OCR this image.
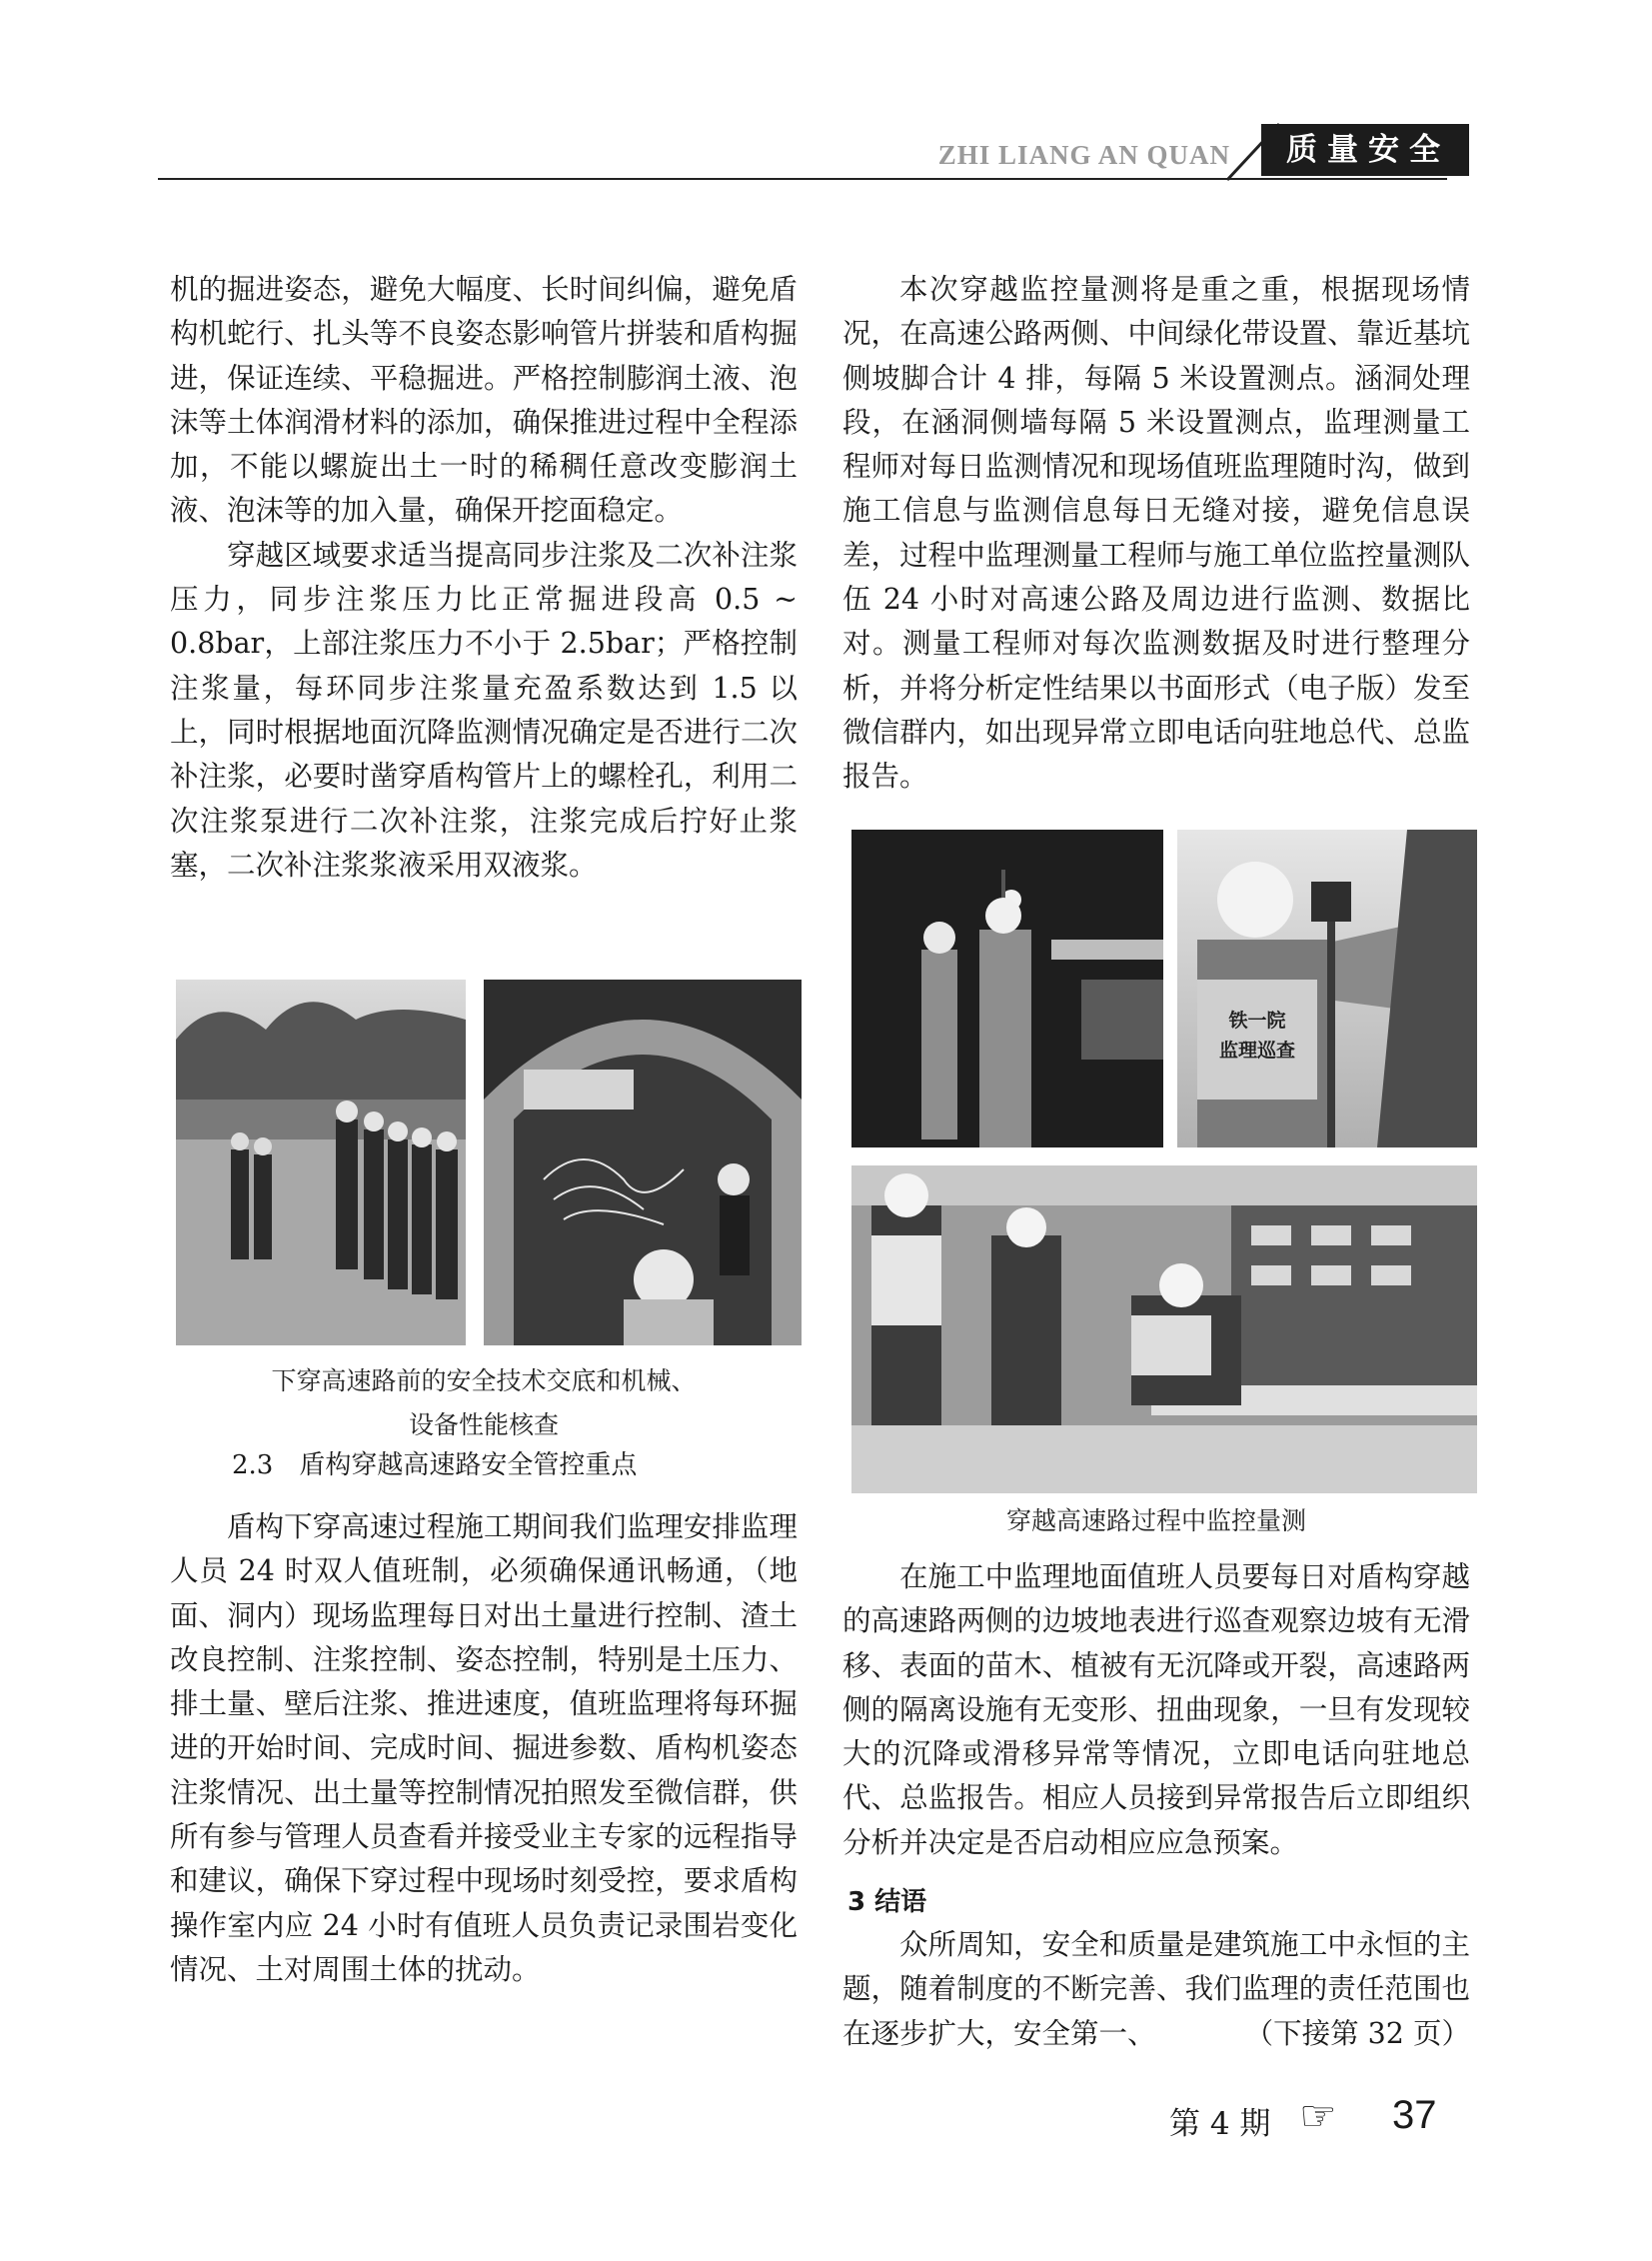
ZHI LIANG AN QUAN	质量安全

机的掘进姿态，避免大幅度、长时间纠偏，避免盾构机蛇行、扎头等不良姿态影响管片拼装和盾构掘进，保证连续、平稳掘进。严格控制膨润土液、泡沫等土体润滑材料的添加，确保推进过程中全程添加，不能以螺旋出土一时的稀稠任意改变膨润土液、泡沫等的加入量，确保开挖面稳定。

穿越区域要求适当提高同步注浆及二次补注浆压力，同步注浆压力比正常掘进段高 0.5 ~ 0.8bar，上部注浆压力不小于 2.5bar；严格控制注浆量，每环同步注浆量充盈系数达到 1.5 以上，同时根据地面沉降监测情况确定是否进行二次补注浆，必要时凿穿盾构管片上的螺栓孔，利用二次注浆泵进行二次补注浆，注浆完成后拧好止浆塞，二次补注浆浆液采用双液浆。

下穿高速路前的安全技术交底和机械、
设备性能核查
2.3　盾构穿越高速路安全管控重点

盾构下穿高速过程施工期间我们监理安排监理人员 24 时双人值班制，必须确保通讯畅通，（地面、洞内）现场监理每日对出土量进行控制、渣土改良控制、注浆控制、姿态控制，特别是土压力、排土量、壁后注浆、推进速度，值班监理将每环掘进的开始时间、完成时间、掘进参数、盾构机姿态注浆情况、出土量等控制情况拍照发至微信群，供所有参与管理人员查看并接受业主专家的远程指导和建议，确保下穿过程中现场时刻受控，要求盾构操作室内应 24 小时有值班人员负责记录围岩变化情况、土对周围土体的扰动。

本次穿越监控量测将是重之重，根据现场情况，在高速公路两侧、中间绿化带设置、靠近基坑侧坡脚合计 4 排，每隔 5 米设置测点。涵洞处理段，在涵洞侧墙每隔 5 米设置测点，监理测量工程师对每日监测情况和现场值班监理随时沟，做到施工信息与监测信息每日无缝对接，避免信息误差，过程中监理测量工程师与施工单位监控量测队伍 24 小时对高速公路及周边进行监测、数据比对。测量工程师对每次监测数据及时进行整理分析，并将分析定性结果以书面形式（电子版）发至微信群内，如出现异常立即电话向驻地总代、总监报告。

铁一院
监理巡查
穿越高速路过程中监控量测

在施工中监理地面值班人员要每日对盾构穿越的高速路两侧的边坡地表进行巡查观察边坡有无滑移、表面的苗木、植被有无沉降或开裂，高速路两侧的隔离设施有无变形、扭曲现象，一旦有发现较大的沉降或滑移异常等情况，立即电话向驻地总代、总监报告。相应人员接到异常报告后立即组织分析并决定是否启动相应应急预案。

3 结语

众所周知，安全和质量是建筑施工中永恒的主题，随着制度的不断完善、我们监理的责任范围也在逐步扩大，安全第一、	（下接第 32 页）

第 4 期 ☞ 37
